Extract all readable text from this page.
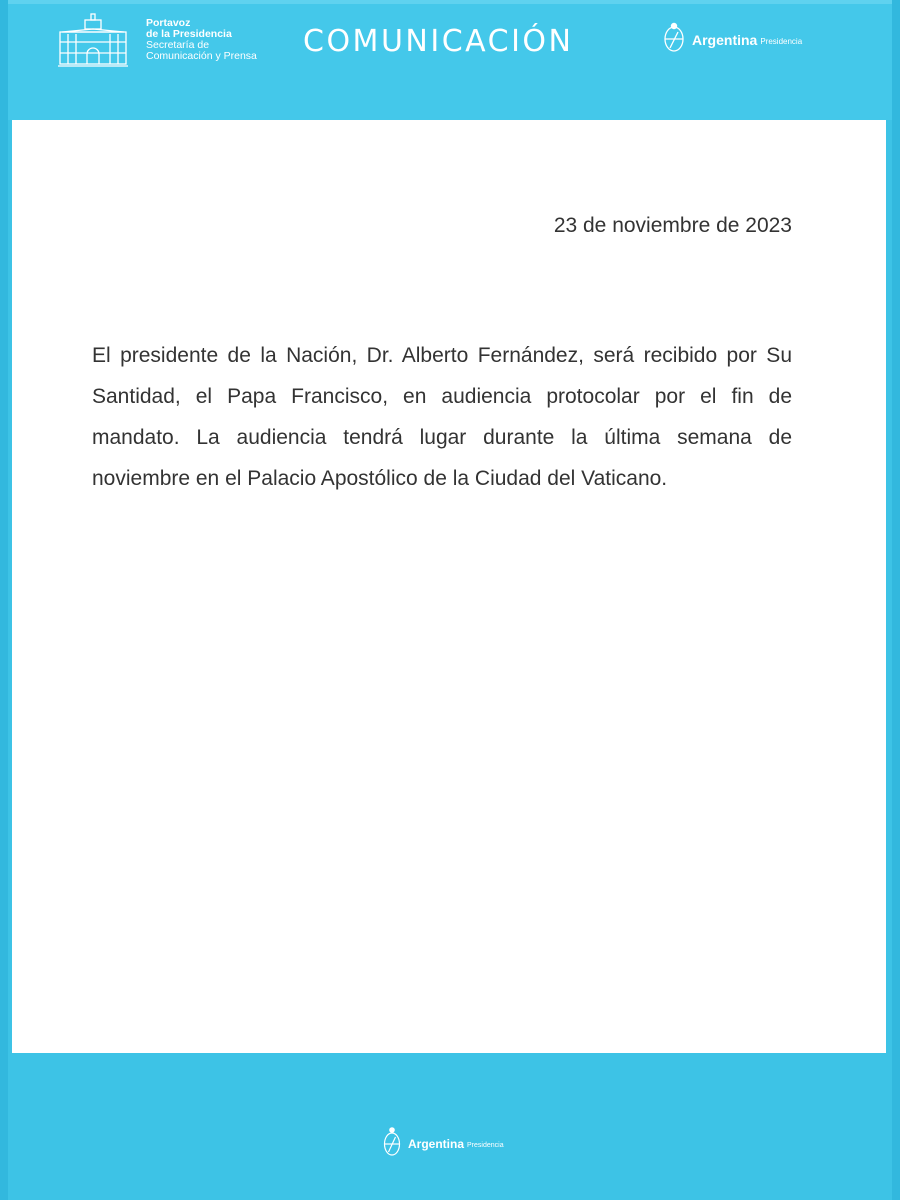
Portavoz
de la Presidencia
Secretaría de
Comunicación y Prensa COMUNICACIÓN	Argentina Presidencia
23 de noviembre de 2023

El presidente de la Nación, Dr. Alberto Fernández, será recibido por Su Santidad, el Papa Francisco, en audiencia protocolar por el fin de mandato. La audiencia tendrá lugar durante la última semana de noviembre en el Palacio Apostólico de la Ciudad del Vaticano.

Argentina Presidencia
